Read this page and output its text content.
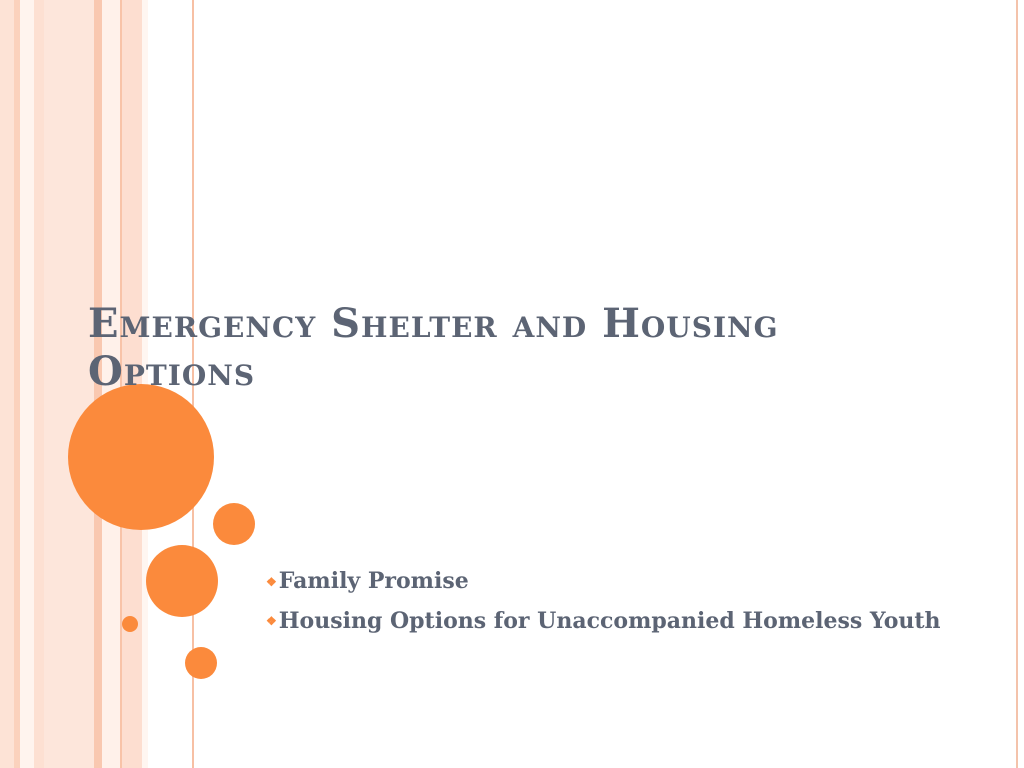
Emergency Shelter and Housing Options
❖Family Promise
❖Housing Options for Unaccompanied Homeless Youth
